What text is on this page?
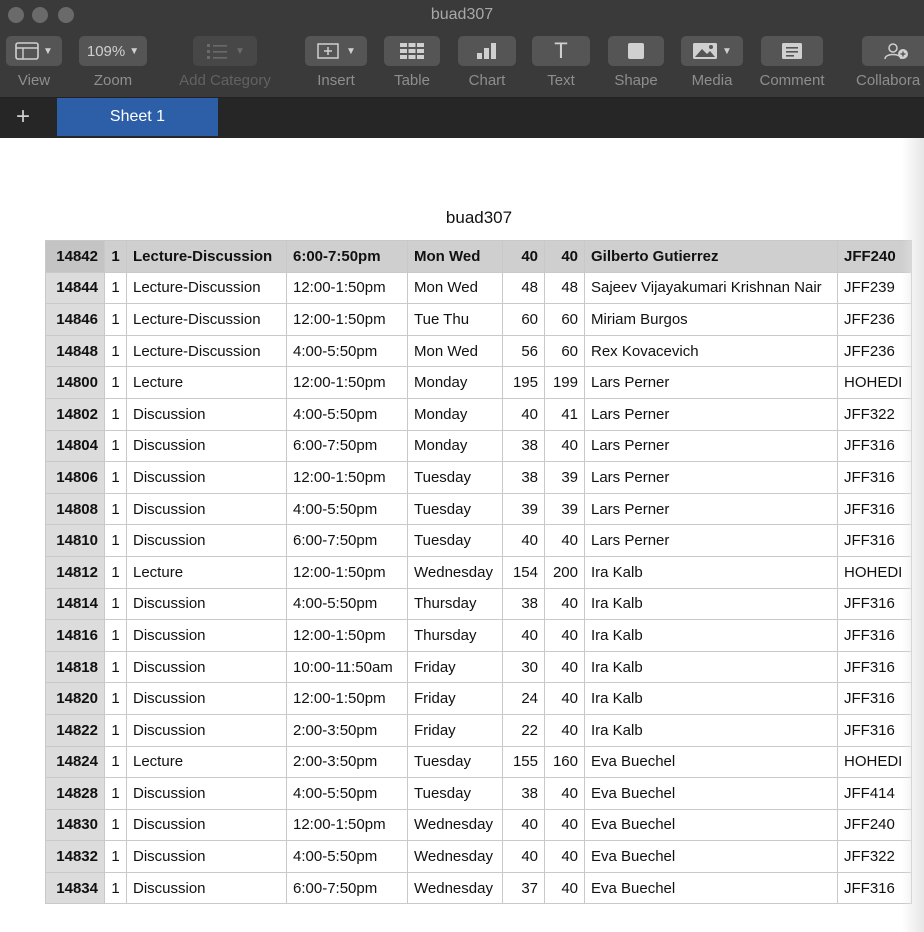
buad307
▼
View
109% ▼
Zoom
▼
Add Category
▼
Insert	Table	Chart
T
Text	Shape
▼
Media	Comment	Collabora
+	Sheet 1
buad307
14842	1	Lecture-Discussion	6:00-7:50pm	Mon Wed	40	40	Gilberto Gutierrez	JFF240
14844	1	Lecture-Discussion	12:00-1:50pm	Mon Wed	48	48	Sajeev Vijayakumari Krishnan Nair	JFF239
14846	1	Lecture-Discussion	12:00-1:50pm	Tue Thu	60	60	Miriam Burgos	JFF236
14848	1	Lecture-Discussion	4:00-5:50pm	Mon Wed	56	60	Rex Kovacevich	JFF236
14800	1	Lecture	12:00-1:50pm	Monday	195	199	Lars Perner	HOHEDI
14802	1	Discussion	4:00-5:50pm	Monday	40	41	Lars Perner	JFF322
14804	1	Discussion	6:00-7:50pm	Monday	38	40	Lars Perner	JFF316
14806	1	Discussion	12:00-1:50pm	Tuesday	38	39	Lars Perner	JFF316
14808	1	Discussion	4:00-5:50pm	Tuesday	39	39	Lars Perner	JFF316
14810	1	Discussion	6:00-7:50pm	Tuesday	40	40	Lars Perner	JFF316
14812	1	Lecture	12:00-1:50pm	Wednesday	154	200	Ira Kalb	HOHEDI
14814	1	Discussion	4:00-5:50pm	Thursday	38	40	Ira Kalb	JFF316
14816	1	Discussion	12:00-1:50pm	Thursday	40	40	Ira Kalb	JFF316
14818	1	Discussion	10:00-11:50am	Friday	30	40	Ira Kalb	JFF316
14820	1	Discussion	12:00-1:50pm	Friday	24	40	Ira Kalb	JFF316
14822	1	Discussion	2:00-3:50pm	Friday	22	40	Ira Kalb	JFF316
14824	1	Lecture	2:00-3:50pm	Tuesday	155	160	Eva Buechel	HOHEDI
14828	1	Discussion	4:00-5:50pm	Tuesday	38	40	Eva Buechel	JFF414
14830	1	Discussion	12:00-1:50pm	Wednesday	40	40	Eva Buechel	JFF240
14832	1	Discussion	4:00-5:50pm	Wednesday	40	40	Eva Buechel	JFF322
14834	1	Discussion	6:00-7:50pm	Wednesday	37	40	Eva Buechel	JFF316
